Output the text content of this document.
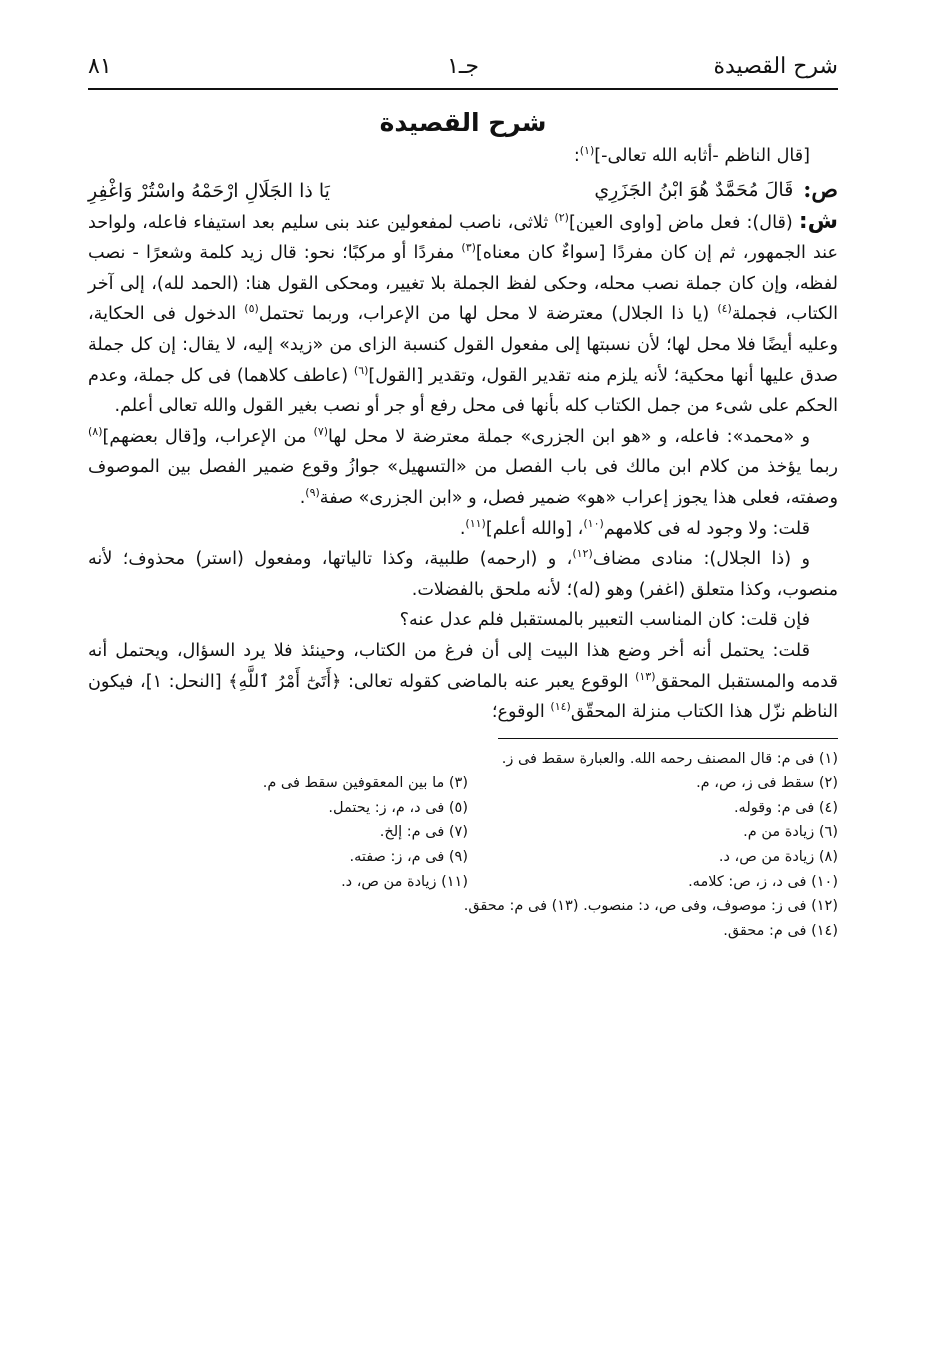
شرح القصيدة
جـ١
٨١
شرح القصيدة

[قال الناظم -أثابه الله تعالى-]$^{(١)}$:

ص:
قَالَ مُحَمَّدٌ هُوَ ابْنُ الجَزَرِي
يَا ذا الجَلَالِ ارْحَمْهُ واسْتُرْ وَاغْفِرِ

ش: (قال): فعل ماض [واوى العين]$^{(٢)}$ ثلاثى، ناصب لمفعولين عند بنى سليم بعد استيفاء فاعله، ولواحد عند الجمهور، ثم إن كان مفردًا [سواءٌ كان معناه]$^{(٣)}$ مفردًا أو مركبًا؛ نحو: قال زيد كلمة وشعرًا - نصب لفظه، وإن كان جملة نصب محله، وحكى لفظ الجملة بلا تغيير، ومحكى القول هنا: (الحمد لله)، إلى آخر الكتاب، فجملة$^{(٤)}$ (يا ذا الجلال) معترضة لا محل لها من الإعراب، وربما تحتمل$^{(٥)}$ الدخول فى الحكاية، وعليه أيضًا فلا محل لها؛ لأن نسبتها إلى مفعول القول كنسبة الزاى من «زيد» إليه، لا يقال: إن كل جملة صدق عليها أنها محكية؛ لأنه يلزم منه تقدير القول، وتقدير [القول]$^{(٦)}$ (عاطف كلاهما) فى كل جملة، وعدم الحكم على شىء من جمل الكتاب كله بأنها فى محل رفع أو جر أو نصب بغير القول والله تعالى أعلم.

و «محمد»: فاعله، و «هو ابن الجزرى» جملة معترضة لا محل لها$^{(٧)}$ من الإعراب، و[قال بعضهم]$^{(٨)}$ ربما يؤخذ من كلام ابن مالك فى باب الفصل من «التسهيل» جوازُ وقوع ضمير الفصل بين الموصوف وصفته، فعلى هذا يجوز إعراب «هو» ضمير فصل، و «ابن الجزرى» صفة$^{(٩)}$.

قلت: ولا وجود له فى كلامهم$^{(١٠)}$، [والله أعلم]$^{(١١)}$.

و (ذا الجلال): منادى مضاف$^{(١٢)}$، و (ارحمه) طلبية، وكذا تالياتها، ومفعول (استر) محذوف؛ لأنه منصوب، وكذا متعلق (اغفر) وهو (له)؛ لأنه ملحق بالفضلات.

فإن قلت: كان المناسب التعبير بالمستقبل فلم عدل عنه؟

قلت: يحتمل أنه أخر وضع هذا البيت إلى أن فرغ من الكتاب، وحينئذ فلا يرد السؤال، ويحتمل أنه قدمه والمستقبل المحقق$^{(١٣)}$ الوقوع يعبر عنه بالماضى كقوله تعالى: ﴿أَتَىٰٓ أَمْرُ ٱللَّهِ﴾ [النحل: ١]، فيكون الناظم نزّل هذا الكتاب منزلة المحقّق$^{(١٤)}$ الوقوع؛

(١) فى م: قال المصنف رحمه الله. والعبارة سقط فى ز.
(٢) سقط فى ز، ص، م.
(٣) ما بين المعقوفين سقط فى م.
(٤) فى م: وقوله.
(٥) فى د، م، ز: يحتمل.
(٦) زيادة من م.
(٧) فى م: إلخ.
(٨) زيادة من ص، د.
(٩) فى م، ز: صفته.
(١٠) فى د، ز، ص: كلامه.
(١١) زيادة من ص، د.
(١٢) فى ز: موصوف، وفى ص، د: منصوب. (١٣) فى م: محقق.
(١٤) فى م: محقق.
